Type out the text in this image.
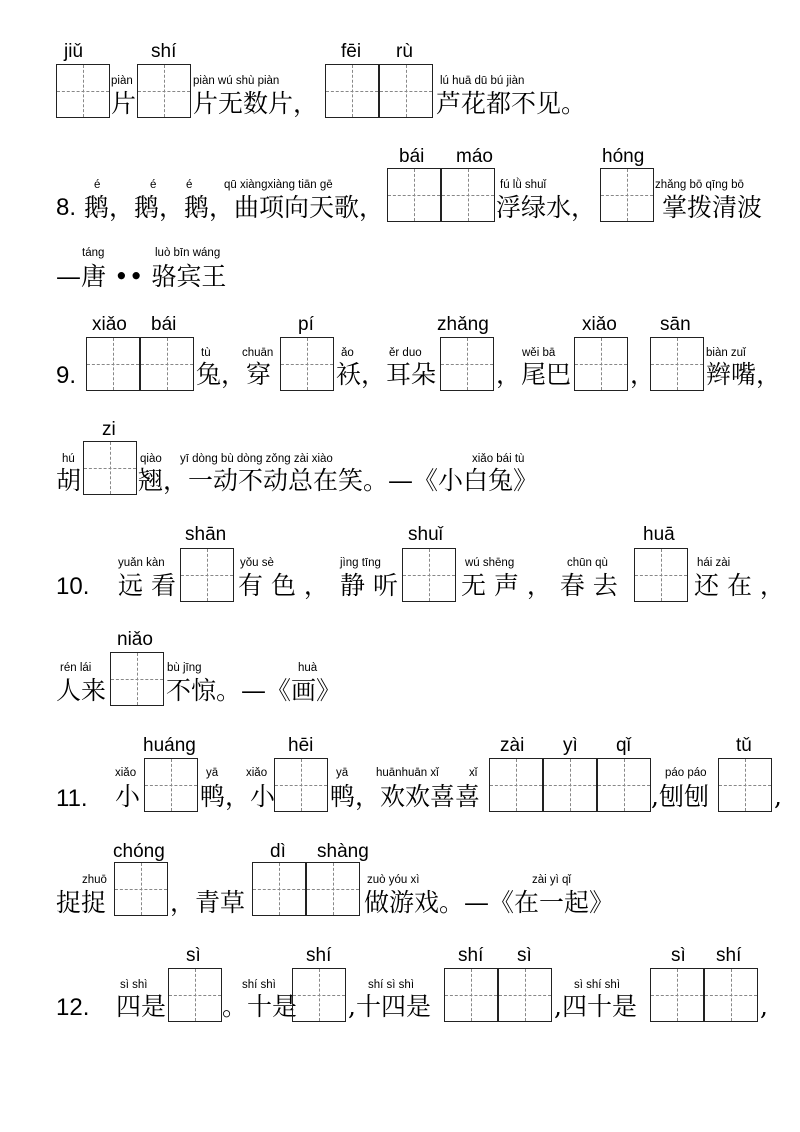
jiǔ	shí	fēi rù
piàn
片
piàn wú shù piàn
片无数片，
lú huā dū bú jiàn
芦花都不见。
bái máo	hóng
é	é	é	qū xiàngxiàng tiān gē
8. 鹅，鹅，鹅，曲项向天歌，
fú lǜ shuǐ
浮绿水，
zhǎng bō qīng bō
掌拨清波
táng	luò bīn wáng
—唐 •• 骆宾王
xiǎo bái	pí	zhǎng	xiǎo sān
9.
tù	chuān
兔，穿
ǎo	ěr duo
袄，耳朵
wěi bā
，尾巴 ，
biàn zuǐ
辫嘴，
zi
hú
胡
qiào yī dòng bù dòng zǒng zài xiào	xiǎo bái tù
翘，一动不动总在笑。—《小白兔》
shān	shuǐ	huā
10.
yuǎn kàn
远 看
yǒu sè	jìng tīng
有 色 ， 静 听
wú shēng	chūn qù
无 声 ， 春 去
hái zài
还 在 ，
niǎo
rén lái
人来
bù jīng	huà
不惊。—《画》
huáng	hēi	zài yì qǐ	tǔ
11.
xiǎo
小
yā xiǎo
鸭，小
yā huānhuān xǐ	xǐ
鸭，欢欢喜喜
páo páo
,刨刨	,
chóng	dì shàng
zhuō
捉捉	，青草
zuò yóu xì	zài yì qǐ
做游戏。—《在一起》
sì	shí	shí sì	sì shí
12.
sì shì
四是
shí shì
。十是
shí sì shì
,十四是
sì shí shì
,四十是	,
